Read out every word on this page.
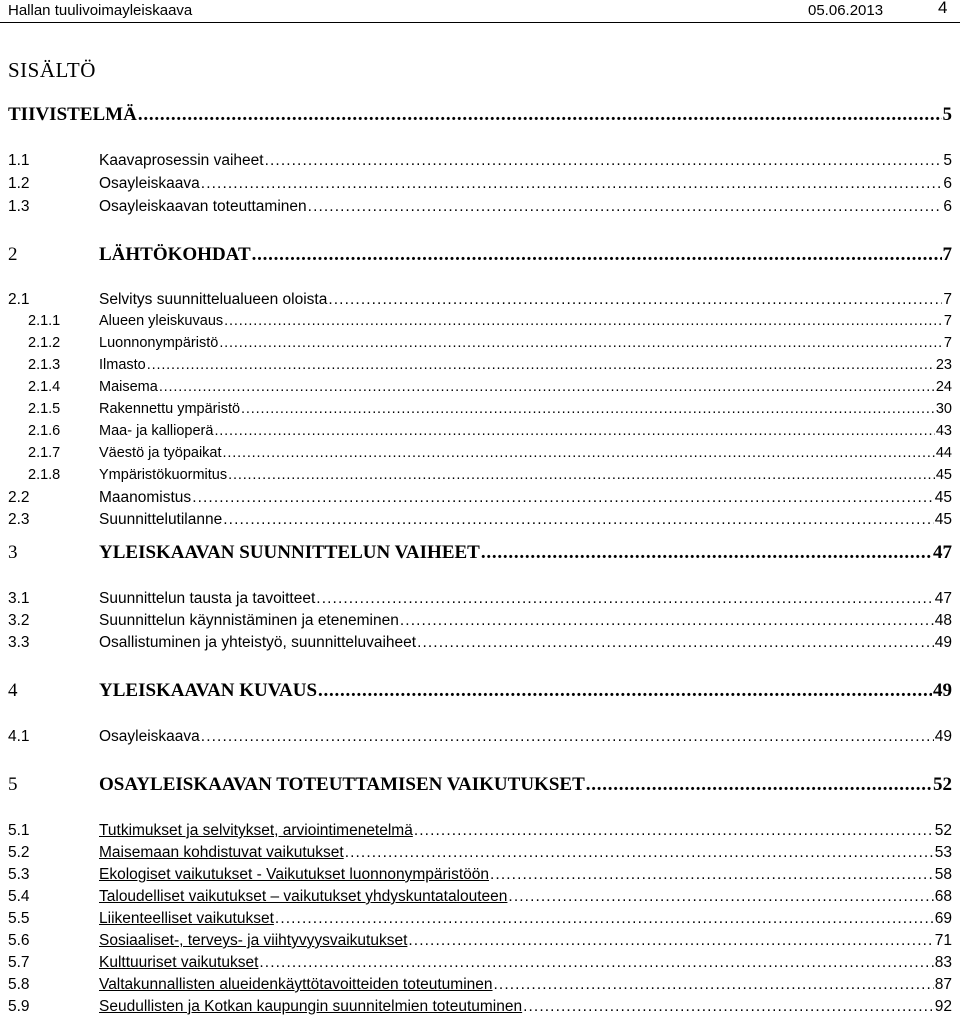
Hallan tuulivoimayleiskaava	05.06.2013	4
SISÄLTÖ
TIIVISTELMÄ . . .	5
1.1	Kaavaprosessin vaiheet . . .	5
1.2	Osayleiskaava . . .	6
1.3	Osayleiskaavan toteuttaminen . . .	6
2	LÄHTÖKOHDAT . . .	7
2.1	Selvitys suunnittelualueen oloista . . .	7
2.1.1	Alueen yleiskuvaus . . .	7
2.1.2	Luonnonympäristö . . .	7
2.1.3	Ilmasto . . .	23
2.1.4	Maisema . . .	24
2.1.5	Rakennettu ympäristö . . .	30
2.1.6	Maa- ja kallioperä . . .	43
2.1.7	Väestö ja työpaikat . . .	44
2.1.8	Ympäristökuormitus . . .	45
2.2	Maanomistus . . .	45
2.3	Suunnittelutilanne . . .	45
3	YLEISKAAVAN SUUNNITTELUN VAIHEET . . .	47
3.1	Suunnittelun tausta ja tavoitteet . . .	47
3.2	Suunnittelun käynnistäminen ja eteneminen . . .	48
3.3	Osallistuminen ja yhteistyö, suunnitteluvaiheet . . .	49
4	YLEISKAAVAN KUVAUS . . .	49
4.1	Osayleiskaava . . .	49
5	OSAYLEISKAAVAN TOTEUTTAMISEN VAIKUTUKSET . . .	52
5.1	Tutkimukset ja selvitykset, arviointimenetelmä . . .	52
5.2	Maisemaan kohdistuvat vaikutukset . . .	53
5.3	Ekologiset vaikutukset - Vaikutukset luonnonympäristöön . . .	58
5.4	Taloudelliset vaikutukset – vaikutukset yhdyskuntatalouteen . . .	68
5.5	Liikenteelliset vaikutukset . . .	69
5.6	Sosiaaliset-, terveys- ja viihtyvyysvaikutukset . . .	71
5.7	Kulttuuriset vaikutukset . . .	83
5.8	Valtakunnallisten alueidenkäyttötavoitteiden toteutuminen . . .	87
5.9	Seudullisten ja Kotkan kaupungin suunnitelmien toteutuminen . . .	92
